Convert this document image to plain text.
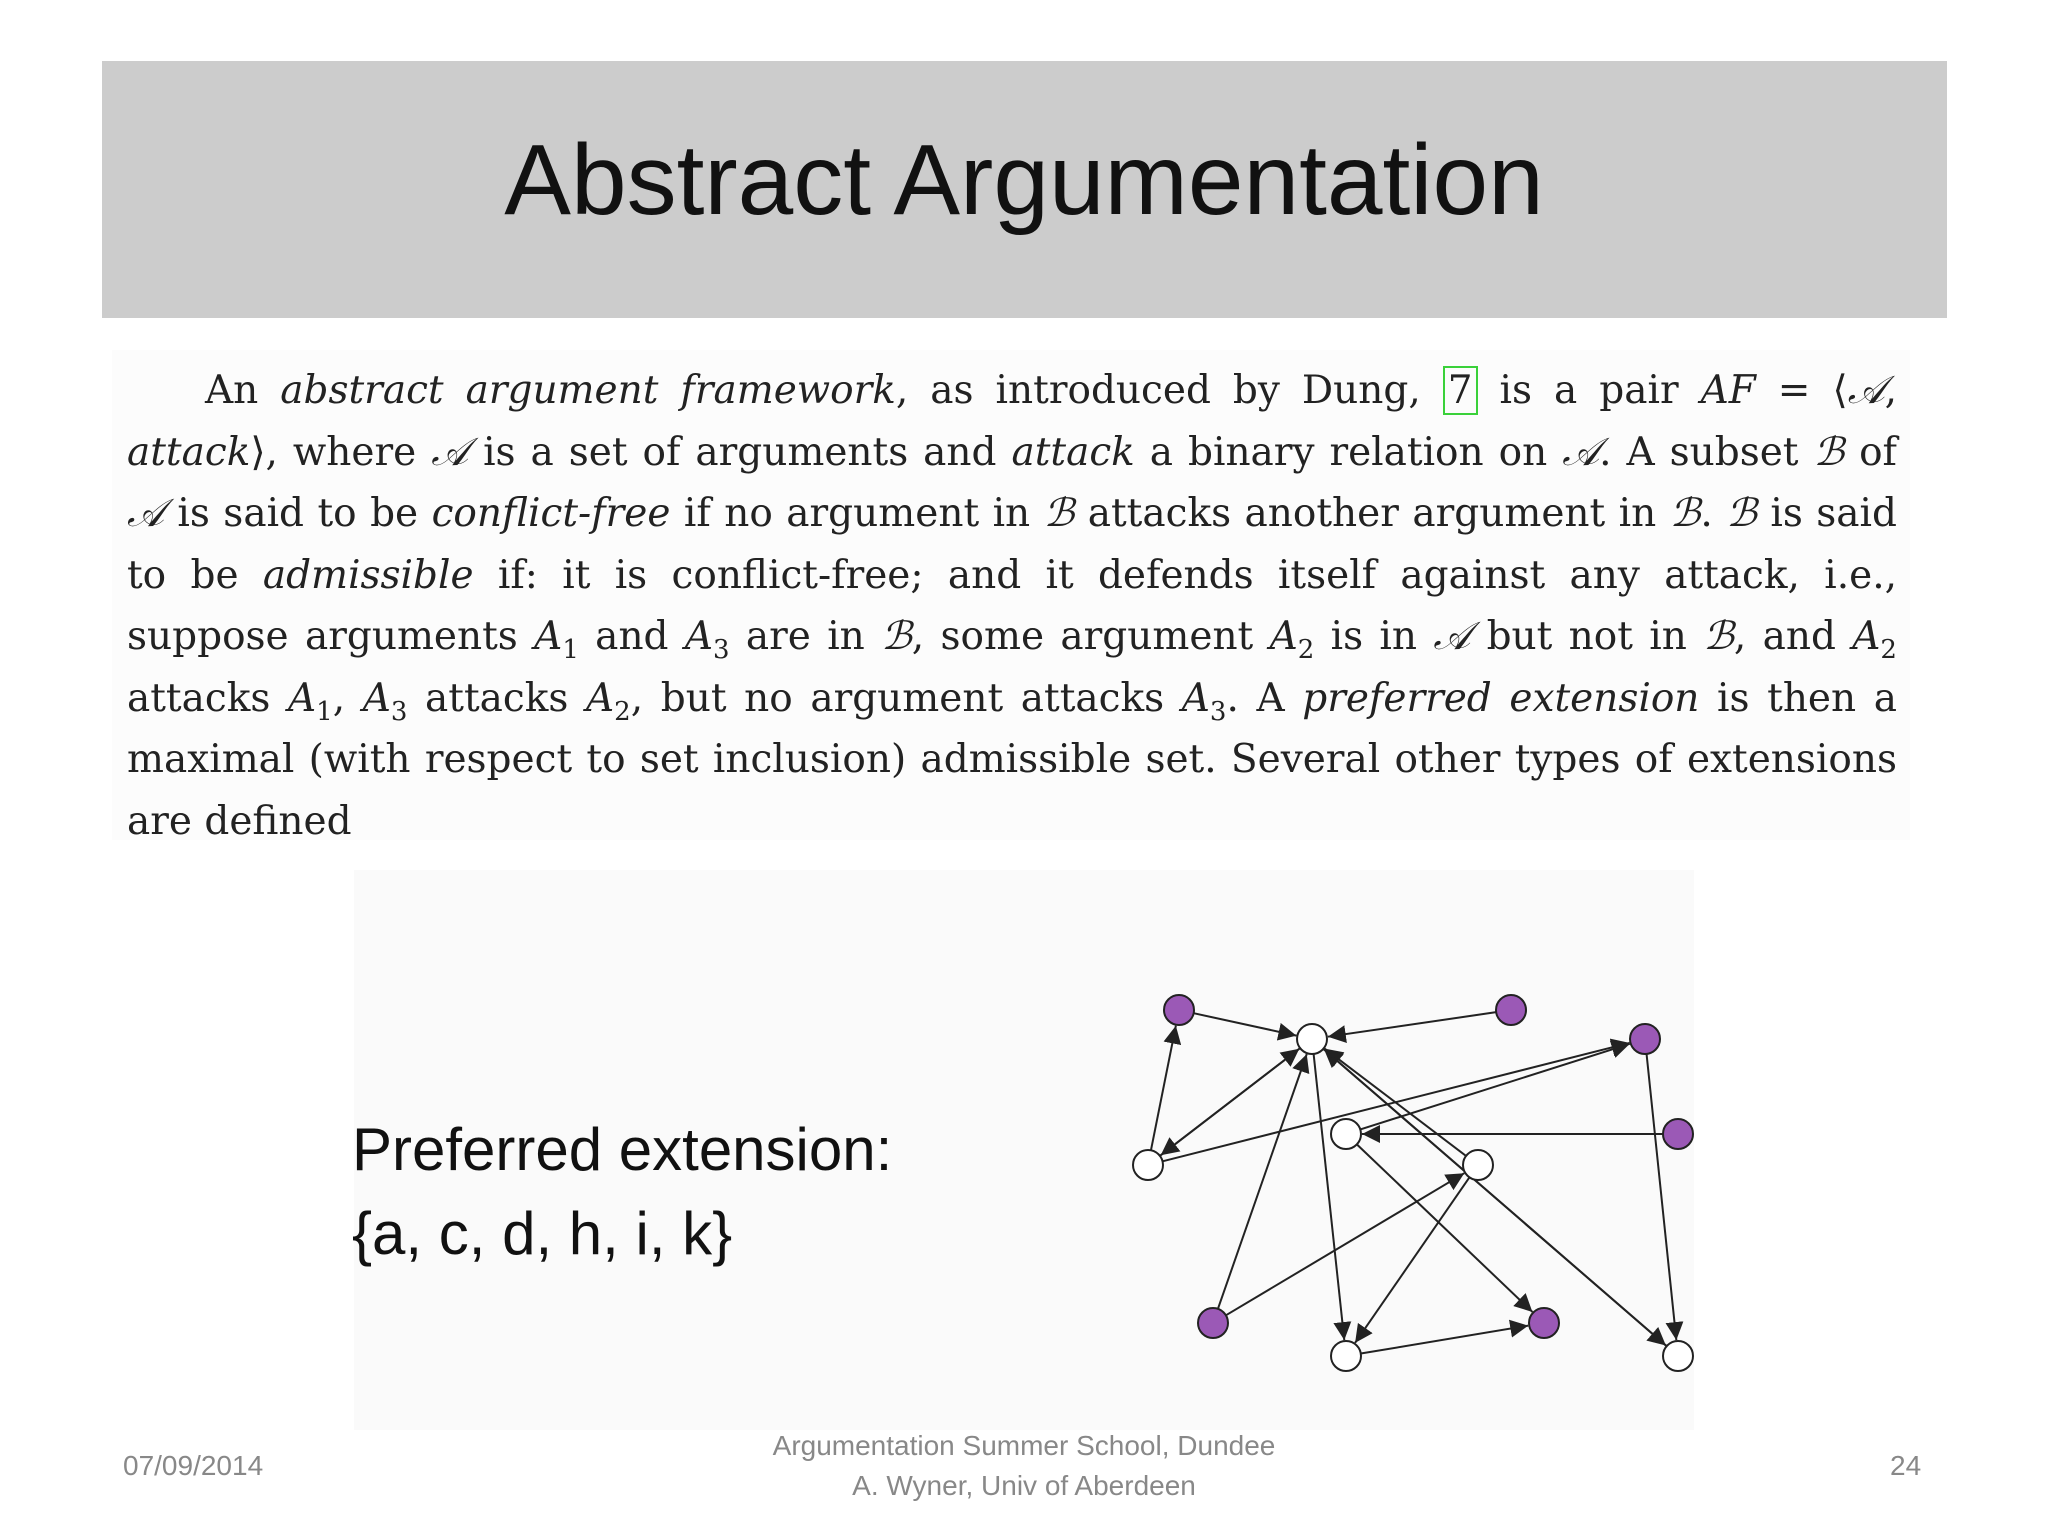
Abstract Argumentation
An abstract argument framework, as introduced by Dung, 7 is a pair AF = ⟨𝒜, attack⟩, where 𝒜 is a set of arguments and attack a binary relation on 𝒜. A subset ℬ of 𝒜 is said to be conflict-free if no argument in ℬ attacks another argument in ℬ. ℬ is said to be admissible if: it is conflict-free; and it defends itself against any attack, i.e., suppose arguments $A_1$ and $A_3$ are in ℬ, some argument $A_2$ is in 𝒜 but not in ℬ, and $A_2$ attacks $A_1$, $A_3$ attacks $A_2$, but no argument attacks $A_3$. A preferred extension is then a maximal (with respect to set inclusion) admissible set. Several other types of extensions are defined
Preferred extension:
{a, c, d, h, i, k}
07/09/2014
Argumentation Summer School, Dundee
A. Wyner, Univ of Aberdeen
24
